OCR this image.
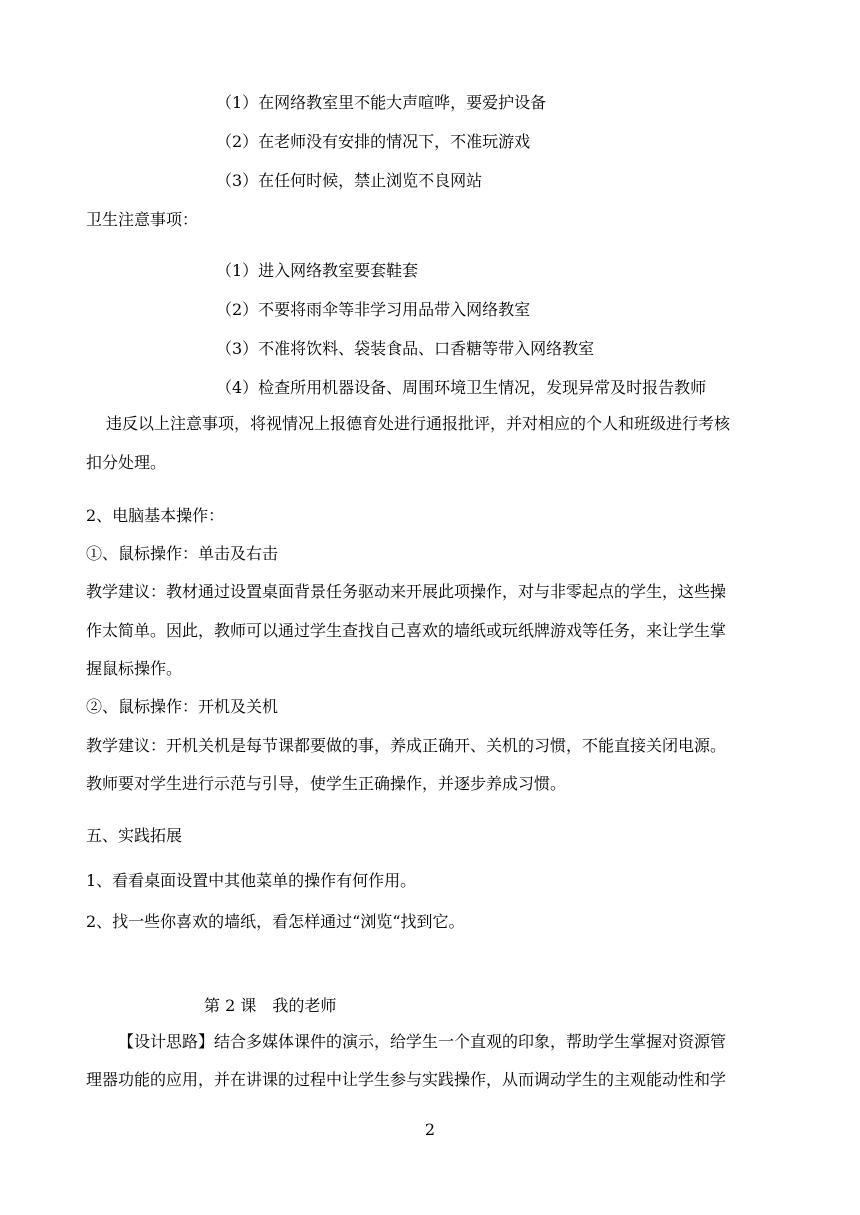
（1）在网络教室里不能大声喧哗，要爱护设备
（2）在老师没有安排的情况下，不准玩游戏
（3）在任何时候，禁止浏览不良网站
卫生注意事项：
（1）进入网络教室要套鞋套
（2）不要将雨伞等非学习用品带入网络教室
（3）不准将饮料、袋装食品、口香糖等带入网络教室
（4）检查所用机器设备、周围环境卫生情况，发现异常及时报告教师
违反以上注意事项，将视情况上报德育处进行通报批评，并对相应的个人和班级进行考核
扣分处理。
2、电脑基本操作：
①、鼠标操作：单击及右击
教学建议：教材通过设置桌面背景任务驱动来开展此项操作，对与非零起点的学生，这些操
作太简单。因此，教师可以通过学生查找自己喜欢的墙纸或玩纸牌游戏等任务，来让学生掌
握鼠标操作。
②、鼠标操作：开机及关机
教学建议：开机关机是每节课都要做的事，养成正确开、关机的习惯，不能直接关闭电源。
教师要对学生进行示范与引导，使学生正确操作，并逐步养成习惯。
五、实践拓展
1、看看桌面设置中其他菜单的操作有何作用。
2、找一些你喜欢的墙纸，看怎样通过“浏览“找到它。
第 2 课　我的老师
【设计思路】结合多媒体课件的演示，给学生一个直观的印象，帮助学生掌握对资源管
理器功能的应用，并在讲课的过程中让学生参与实践操作，从而调动学生的主观能动性和学
2
